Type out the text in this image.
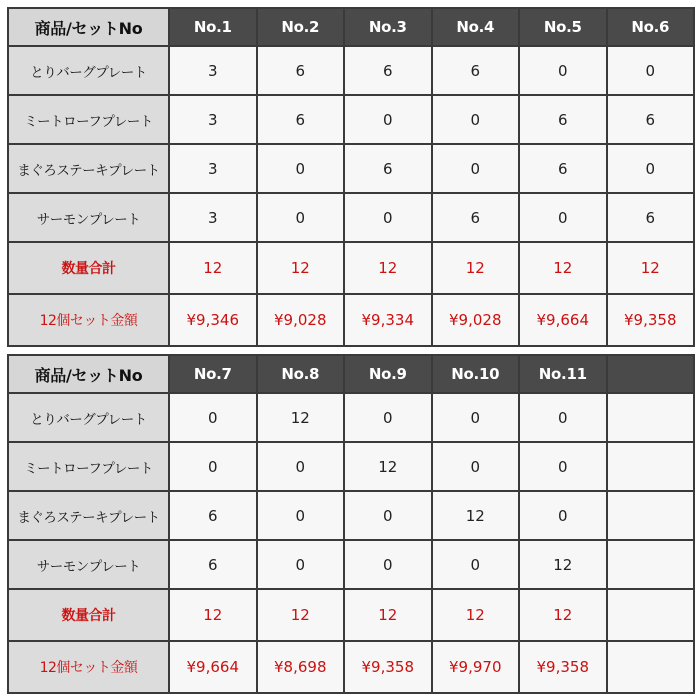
商品/セットNo	No.1	No.2	No.3	No.4	No.5	No.6
とりバーグプレート	3	6	6	6	0	0
ミートローフプレート	3	6	0	0	6	6
まぐろステーキプレート	3	0	6	0	6	0
サーモンプレート	3	0	0	6	0	6
数量合計	12	12	12	12	12	12
12個セット金額	¥9,346	¥9,028	¥9,334	¥9,028	¥9,664	¥9,358
商品/セットNo	No.7	No.8	No.9	No.10	No.11	
とりバーグプレート	0	12	0	0	0	
ミートローフプレート	0	0	12	0	0	
まぐろステーキプレート	6	0	0	12	0	
サーモンプレート	6	0	0	0	12	
数量合計	12	12	12	12	12	
12個セット金額	¥9,664	¥8,698	¥9,358	¥9,970	¥9,358	
